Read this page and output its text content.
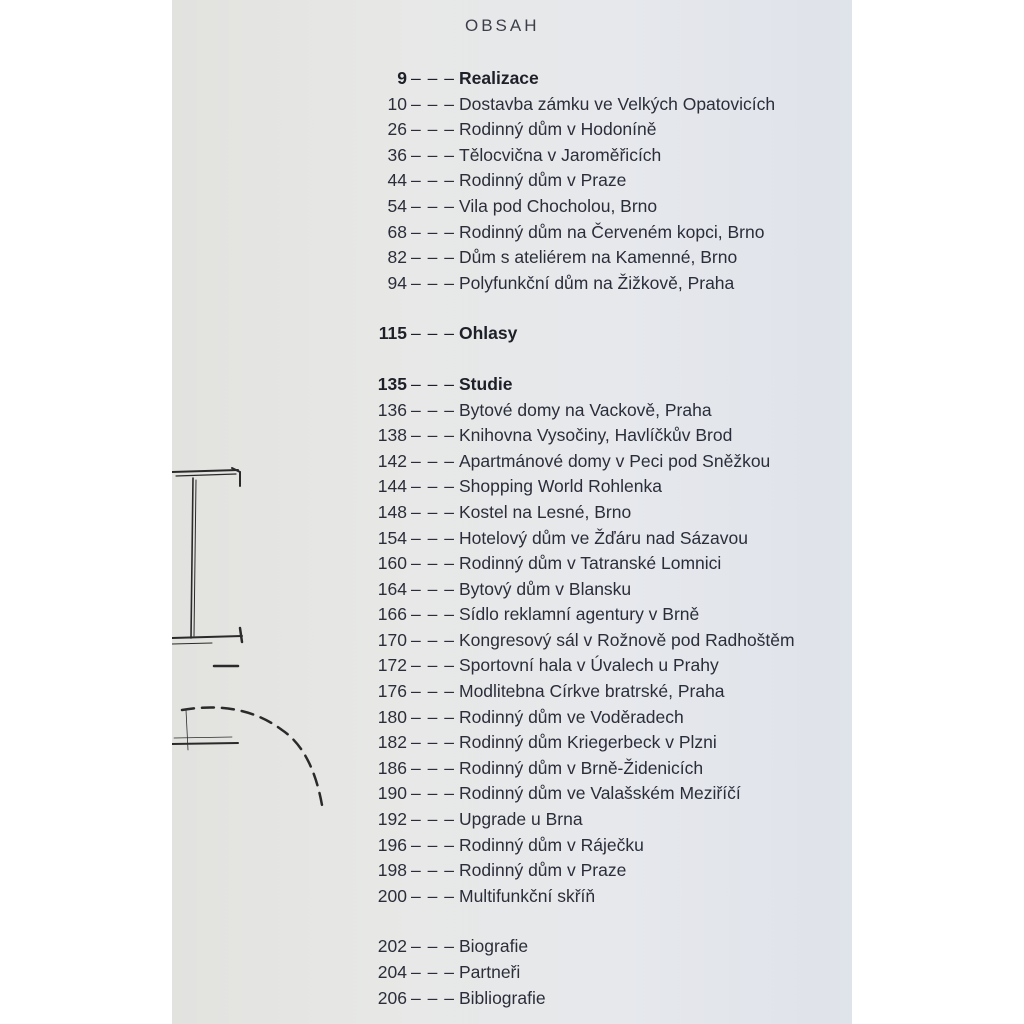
OBSAH
9 – – – Realizace
10 – – – Dostavba zámku ve Velkých Opatovicích
26 – – – Rodinný dům v Hodoníně
36 – – – Tělocvična v Jaroměřicích
44 – – – Rodinný dům v Praze
54 – – – Vila pod Chocholou, Brno
68 – – – Rodinný dům na Červeném kopci, Brno
82 – – – Dům s ateliérem na Kamenné, Brno
94 – – – Polyfunkční dům na Žižkově, Praha
115 – – – Ohlasy
135 – – – Studie
136 – – – Bytové domy na Vackově, Praha
138 – – – Knihovna Vysočiny, Havlíčkův Brod
142 – – – Apartmánové domy v Peci pod Sněžkou
144 – – – Shopping World Rohlenka
148 – – – Kostel na Lesné, Brno
154 – – – Hotelový dům ve Žďáru nad Sázavou
160 – – – Rodinný dům v Tatranské Lomnici
164 – – – Bytový dům v Blansku
166 – – – Sídlo reklamní agentury v Brně
170 – – – Kongresový sál v Rožnově pod Radhoštěm
172 – – – Sportovní hala v Úvalech u Prahy
176 – – – Modlitebna Církve bratrské, Praha
180 – – – Rodinný dům ve Voděradech
182 – – – Rodinný dům Kriegerbeck v Plzni
186 – – – Rodinný dům v Brně-Židenicích
190 – – – Rodinný dům ve Valašském Meziříčí
192 – – – Upgrade u Brna
196 – – – Rodinný dům v Ráječku
198 – – – Rodinný dům v Praze
200 – – – Multifunkční skříň
202 – – – Biografie
204 – – – Partneři
206 – – – Bibliografie
